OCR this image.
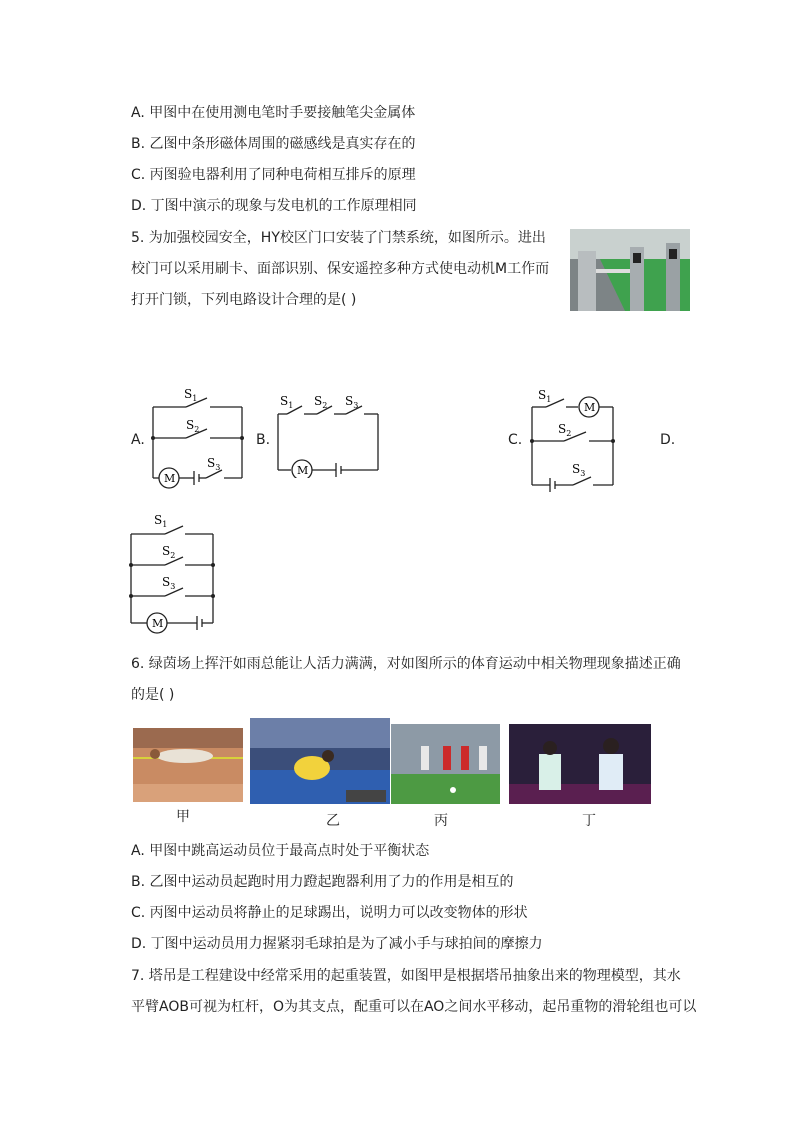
A. 甲图中在使用测电笔时手要接触笔尖金属体
B. 乙图中条形磁体周围的磁感线是真实存在的
C. 丙图验电器利用了同种电荷相互排斥的原理
D. 丁图中演示的现象与发电机的工作原理相同
5. 为加强校园安全，HY校区门口安装了门禁系统，如图所示。进出
校门可以采用刷卡、面部识别、保安遥控多种方式使电动机M工作而
打开门锁，下列电路设计合理的是( )
A.	B.	C.	D.
$S_1$
$S_2$
$S_3$
M
$S_1$ $S_2$ $S_3$
M
$S_1$
$S_2$
$S_3$
M
$S_1$
$S_2$
$S_3$
M
6. 绿茵场上挥汗如雨总能让人活力满满，对如图所示的体育运动中相关物理现象描述正确
的是( )
甲	乙	丙	丁
A. 甲图中跳高运动员位于最高点时处于平衡状态
B. 乙图中运动员起跑时用力蹬起跑器利用了力的作用是相互的
C. 丙图中运动员将静止的足球踢出，说明力可以改变物体的形状
D. 丁图中运动员用力握紧羽毛球拍是为了减小手与球拍间的摩擦力
7. 塔吊是工程建设中经常采用的起重装置，如图甲是根据塔吊抽象出来的物理模型，其水
平臂AOB可视为杠杆，O为其支点，配重可以在AO之间水平移动，起吊重物的滑轮组也可以
